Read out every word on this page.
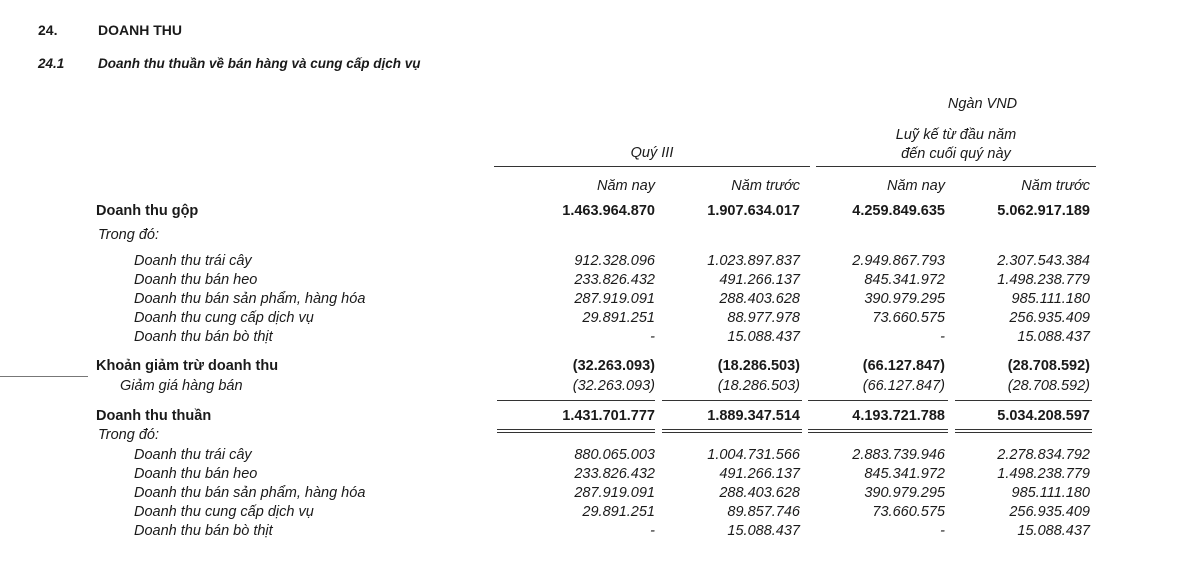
24.	DOANH THU
24.1 Doanh thu thuần về bán hàng và cung cấp dịch vụ
Ngàn VND
Quý III
Luỹ kế từ đầu năm
đến cuối quý này
Năm nay	Năm trước	Năm nay	Năm trước
Doanh thu gộp	1.463.964.870	1.907.634.017	4.259.849.635	5.062.917.189
Trong đó:
Doanh thu trái cây	912.328.096	1.023.897.837	2.949.867.793	2.307.543.384
Doanh thu bán heo	233.826.432	491.266.137	845.341.972	1.498.238.779
Doanh thu bán sản phẩm, hàng hóa	287.919.091	288.403.628	390.979.295	985.111.180
Doanh thu cung cấp dịch vụ	29.891.251	88.977.978	73.660.575	256.935.409
Doanh thu bán bò thịt	-	15.088.437	-	15.088.437
Khoản giảm trừ doanh thu	(32.263.093)	(18.286.503)	(66.127.847)	(28.708.592)
Giảm giá hàng bán	(32.263.093)	(18.286.503)	(66.127.847)	(28.708.592)
Doanh thu thuần	1.431.701.777	1.889.347.514	4.193.721.788	5.034.208.597
Trong đó:
Doanh thu trái cây	880.065.003	1.004.731.566	2.883.739.946	2.278.834.792
Doanh thu bán heo	233.826.432	491.266.137	845.341.972	1.498.238.779
Doanh thu bán sản phẩm, hàng hóa	287.919.091	288.403.628	390.979.295	985.111.180
Doanh thu cung cấp dịch vụ	29.891.251	89.857.746	73.660.575	256.935.409
Doanh thu bán bò thịt	-	15.088.437	-	15.088.437
